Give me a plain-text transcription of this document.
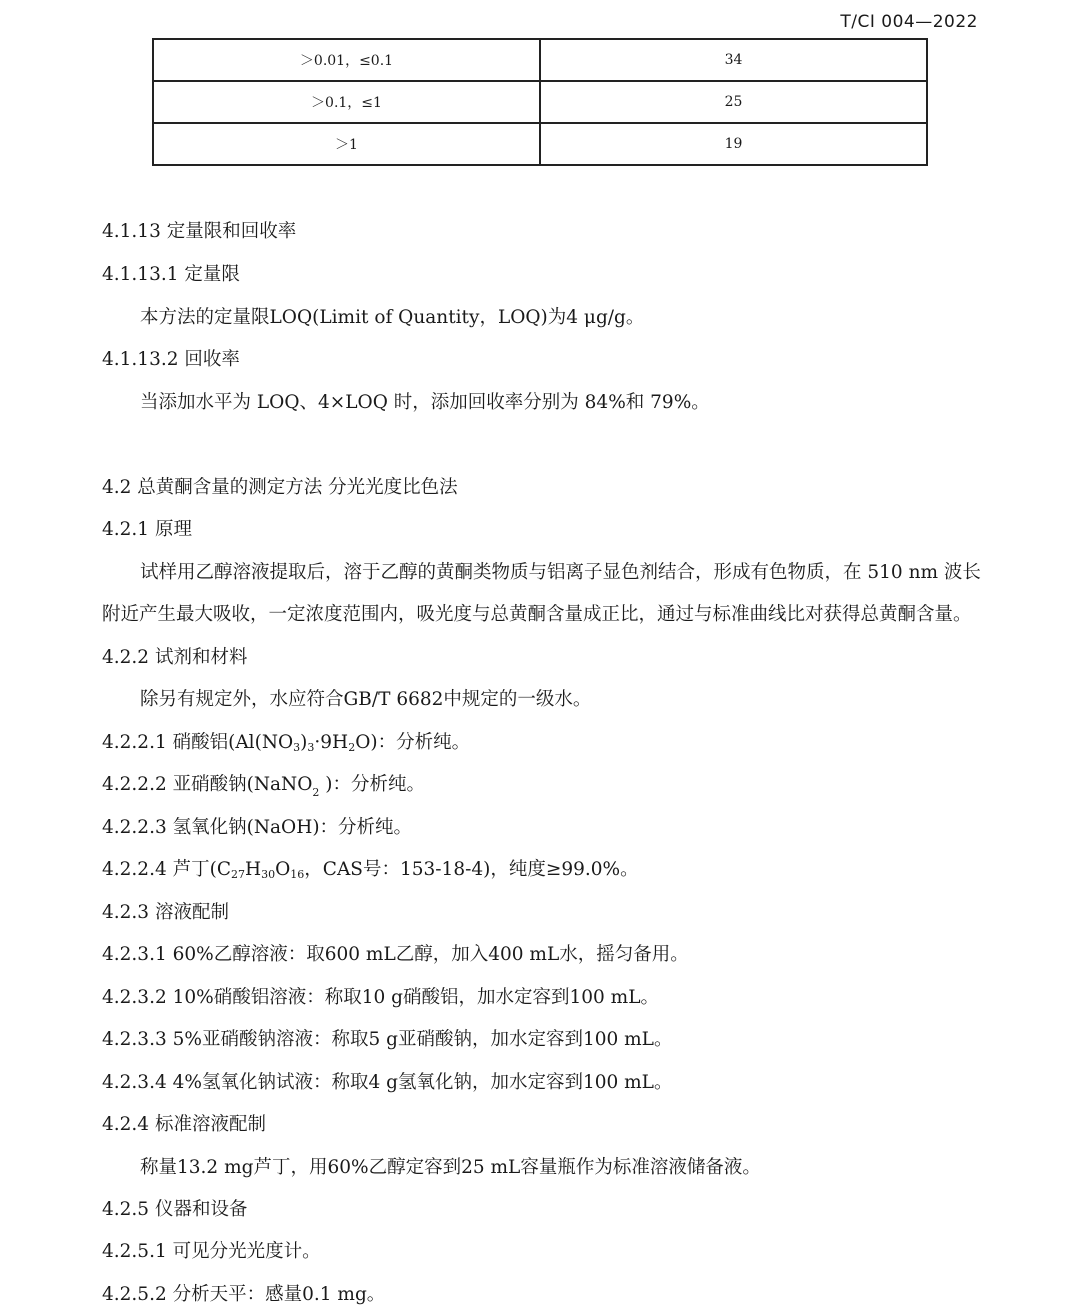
T/CI 004—2022
＞0.01，≤0.1	34
＞0.1，≤1	25
＞1	19
4.1.13 定量限和回收率
4.1.13.1 定量限
本方法的定量限LOQ(Limit of Quantity，LOQ)为4 μg/g。
4.1.13.2 回收率
当添加水平为 LOQ、4×LOQ 时，添加回收率分别为 84%和 79%。
4.2 总黄酮含量的测定方法 分光光度比色法
4.2.1 原理
试样用乙醇溶液提取后，溶于乙醇的黄酮类物质与铝离子显色剂结合，形成有色物质，在 510 nm 波长
附近产生最大吸收，一定浓度范围内，吸光度与总黄酮含量成正比，通过与标准曲线比对获得总黄酮含量。
4.2.2 试剂和材料
除另有规定外，水应符合GB/T 6682中规定的一级水。
4.2.2.1 硝酸铝$(Al(NO_3)_3\cdot 9H_2O)$：分析纯。
4.2.2.2 亚硝酸钠(NaNO$_2$ )：分析纯。
4.2.2.3 氢氧化钠(NaOH)：分析纯。
4.2.2.4 芦丁($C_{27}H_{30}O_{16}$，CAS号：153-18-4)，纯度≥99.0%。
4.2.3 溶液配制
4.2.3.1 60%乙醇溶液：取600 mL乙醇，加入400 mL水，摇匀备用。
4.2.3.2 10%硝酸铝溶液：称取10 g硝酸铝，加水定容到100 mL。
4.2.3.3 5%亚硝酸钠溶液：称取5 g亚硝酸钠，加水定容到100 mL。
4.2.3.4 4%氢氧化钠试液：称取4 g氢氧化钠，加水定容到100 mL。
4.2.4 标准溶液配制
称量13.2 mg芦丁，用60%乙醇定容到25 mL容量瓶作为标准溶液储备液。
4.2.5 仪器和设备
4.2.5.1 可见分光光度计。
4.2.5.2 分析天平：感量0.1 mg。
